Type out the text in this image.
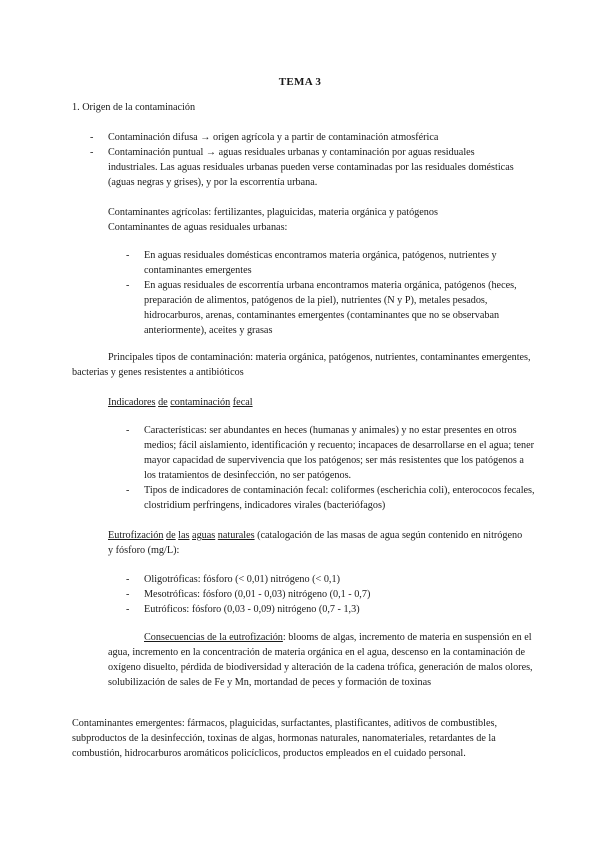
TEMA 3
1. Origen de la contaminación
- Contaminación difusa → origen agrícola y a partir de contaminación atmosférica
- Contaminación puntual → aguas residuales urbanas y contaminación por aguas residuales industriales. Las aguas residuales urbanas pueden verse contaminadas por las residuales domésticas (aguas negras y grises), y por la escorrentía urbana.
Contaminantes agrícolas: fertilizantes, plaguicidas, materia orgánica y patógenos
Contaminantes de aguas residuales urbanas:
- En aguas residuales domésticas encontramos materia orgánica, patógenos, nutrientes y contaminantes emergentes
- En aguas residuales de escorrentía urbana encontramos materia orgánica, patógenos (heces, preparación de alimentos, patógenos de la piel), nutrientes (N y P), metales pesados, hidrocarburos, arenas, contaminantes emergentes (contaminantes que no se observaban anteriormente), aceites y grasas

Principales tipos de contaminación: materia orgánica, patógenos, nutrientes, contaminantes emergentes, bacterias y genes resistentes a antibióticos

Indicadores de contaminación fecal
- Características: ser abundantes en heces (humanas y animales) y no estar presentes en otros medios; fácil aislamiento, identificación y recuento; incapaces de desarrollarse en el agua; tener mayor capacidad de supervivencia que los patógenos; ser más resistentes que los patógenos a los tratamientos de desinfección, no ser patógenos.
- Tipos de indicadores de contaminación fecal: coliformes (escherichia coli), enterococos fecales, clostridium perfringens, indicadores virales (bacteriófagos)

Eutrofización de las aguas naturales (catalogación de las masas de agua según contenido en nitrógeno y fósforo (mg/L):

- Oligotróficas: fósforo (< 0,01) nitrógeno (< 0,1)
- Mesotróficas: fósforo (0,01 - 0,03) nitrógeno (0,1 - 0,7)
- Eutróficos: fósforo (0,03 - 0,09) nitrógeno (0,7 - 1,3)

Consecuencias de la eutrofización: blooms de algas, incremento de materia en suspensión en el agua, incremento en la concentración de materia orgánica en el agua, descenso en la contaminación de oxígeno disuelto, pérdida de biodiversidad y alteración de la cadena trófica, generación de malos olores, solubilización de sales de Fe y Mn, mortandad de peces y formación de toxinas

Contaminantes emergentes: fármacos, plaguicidas, surfactantes, plastificantes, aditivos de combustibles, subproductos de la desinfección, toxinas de algas, hormonas naturales, nanomateriales, retardantes de la combustión, hidrocarburos aromáticos policíclicos, productos empleados en el cuidado personal.
